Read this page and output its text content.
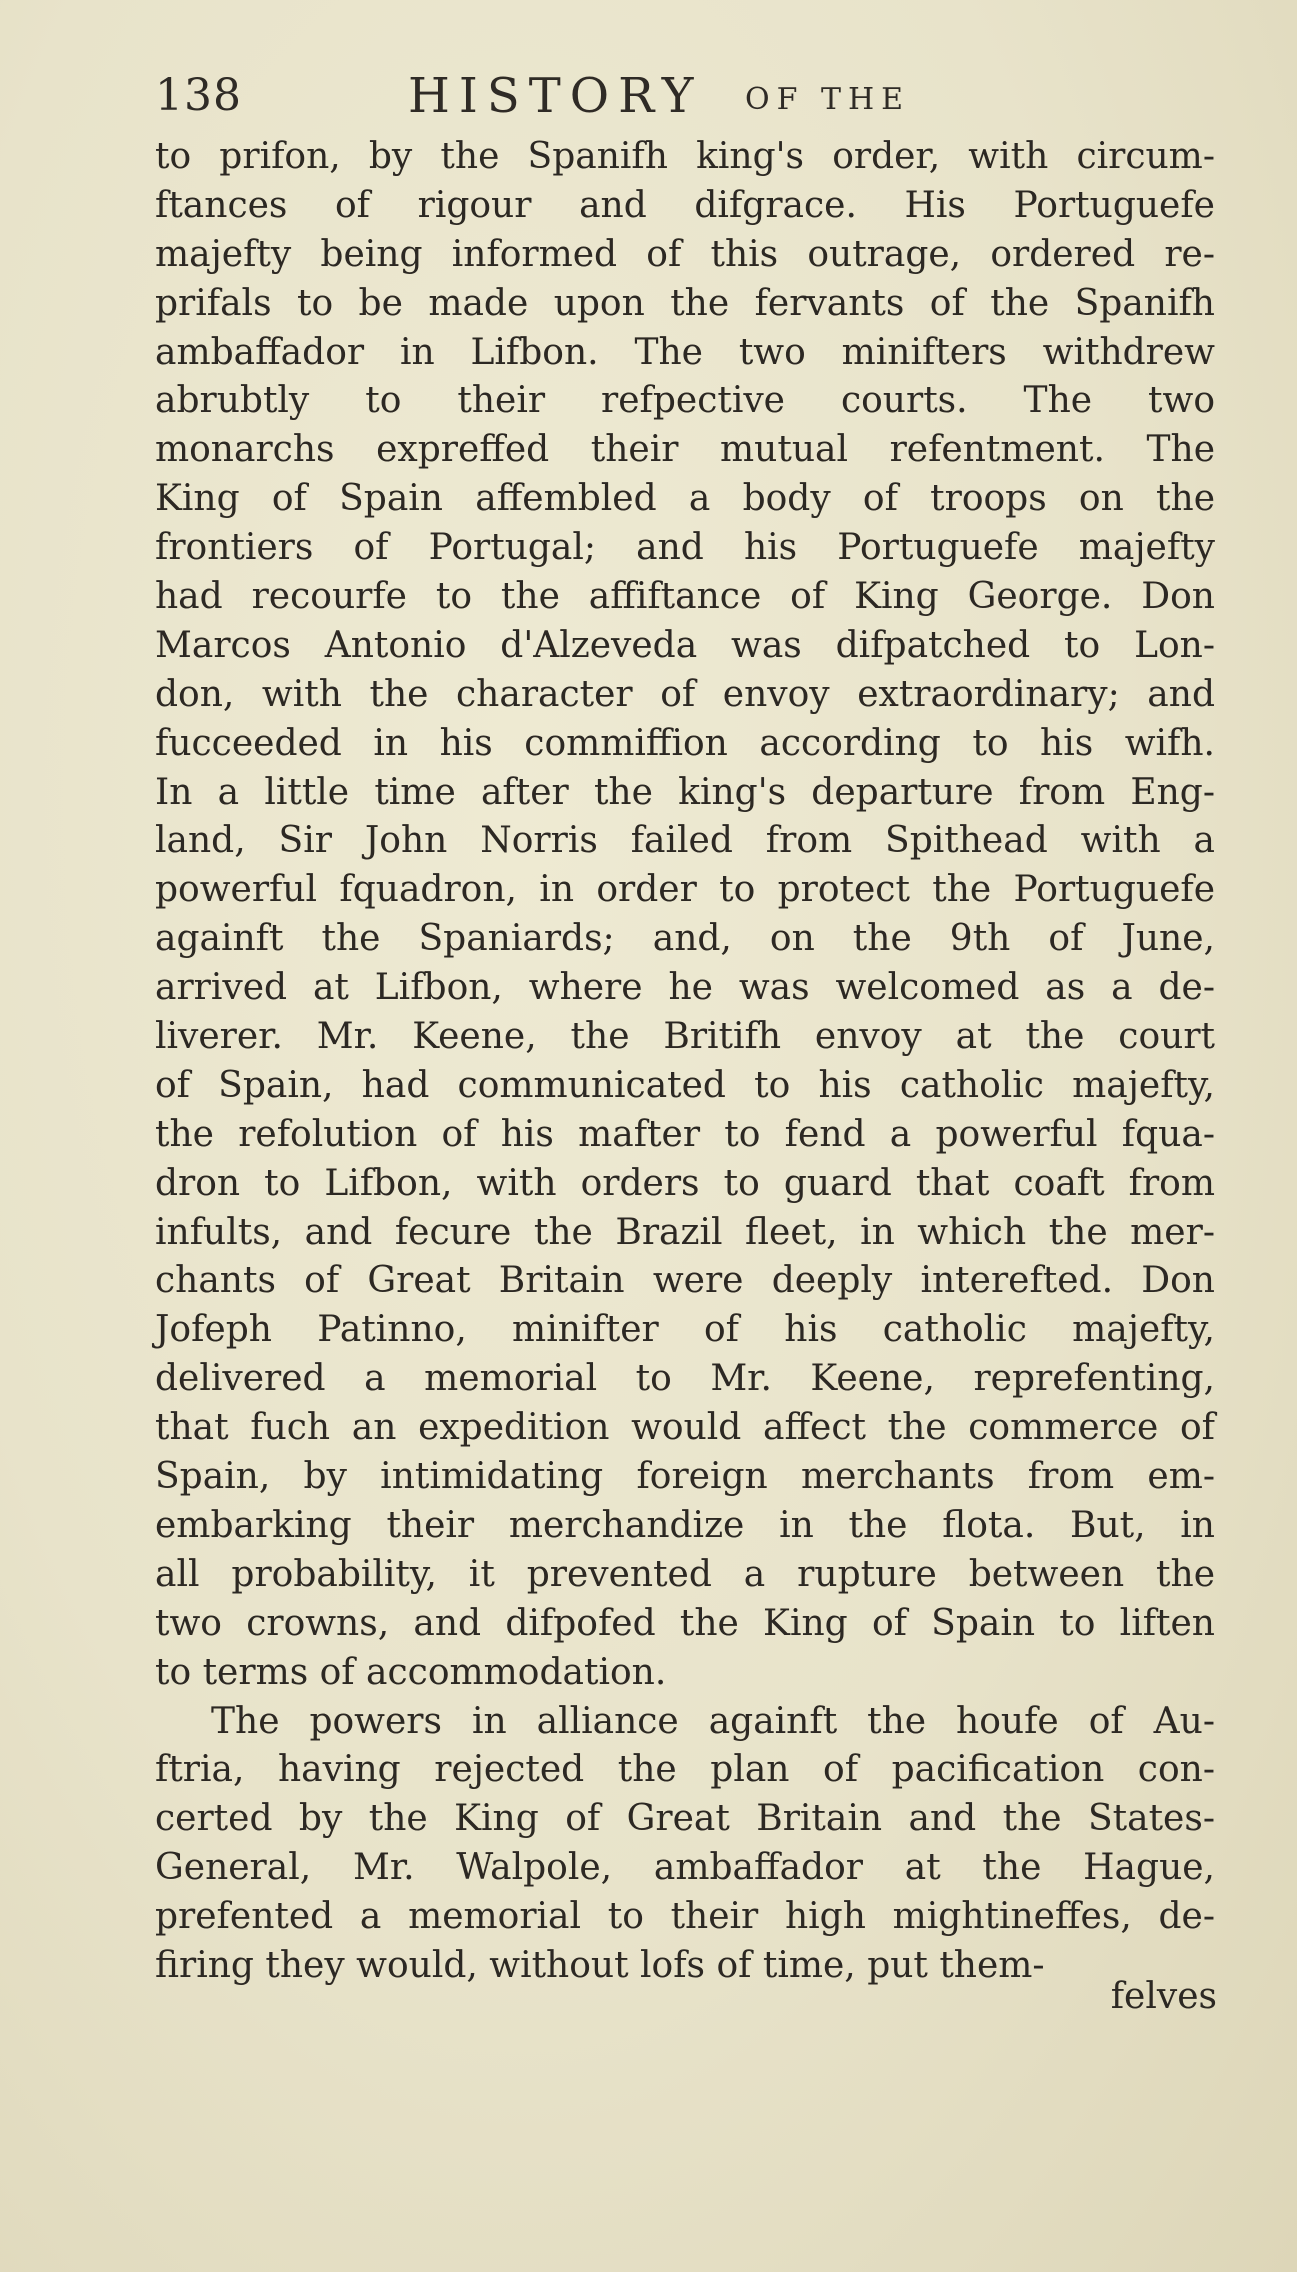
138	HISTORY OF THE
to prifon, by the Spanifh king's order, with circum-
ftances of rigour and difgrace. His Portuguefe
majefty being informed of this outrage, ordered re-
prifals to be made upon the fervants of the Spanifh
ambaffador in Lifbon. The two minifters withdrew
abrubtly to their refpective courts. The two
monarchs expreffed their mutual refentment. The
King of Spain affembled a body of troops on the
frontiers of Portugal; and his Portuguefe majefty
had recourfe to the affiftance of King George. Don
Marcos Antonio d'Alzeveda was difpatched to Lon-
don, with the character of envoy extraordinary; and
fucceeded in his commiffion according to his wifh.
In a little time after the king's departure from Eng-
land, Sir John Norris failed from Spithead with a
powerful fquadron, in order to protect the Portuguefe
againft the Spaniards; and, on the 9th of June,
arrived at Lifbon, where he was welcomed as a de-
liverer. Mr. Keene, the Britifh envoy at the court
of Spain, had communicated to his catholic majefty,
the refolution of his mafter to fend a powerful fqua-
dron to Lifbon, with orders to guard that coaft from
infults, and fecure the Brazil fleet, in which the mer-
chants of Great Britain were deeply interefted. Don
Jofeph Patinno, minifter of his catholic majefty,
delivered a memorial to Mr. Keene, reprefenting,
that fuch an expedition would affect the commerce of
Spain, by intimidating foreign merchants from em-
embarking their merchandize in the flota. But, in
all probability, it prevented a rupture between the
two crowns, and difpofed the King of Spain to liften
to terms of accommodation.
The powers in alliance againft the houfe of Au-
ftria, having rejected the plan of pacification con-
certed by the King of Great Britain and the States-
General, Mr. Walpole, ambaffador at the Hague,
prefented a memorial to their high mightineffes, de-
firing they would, without lofs of time, put them-
felves
